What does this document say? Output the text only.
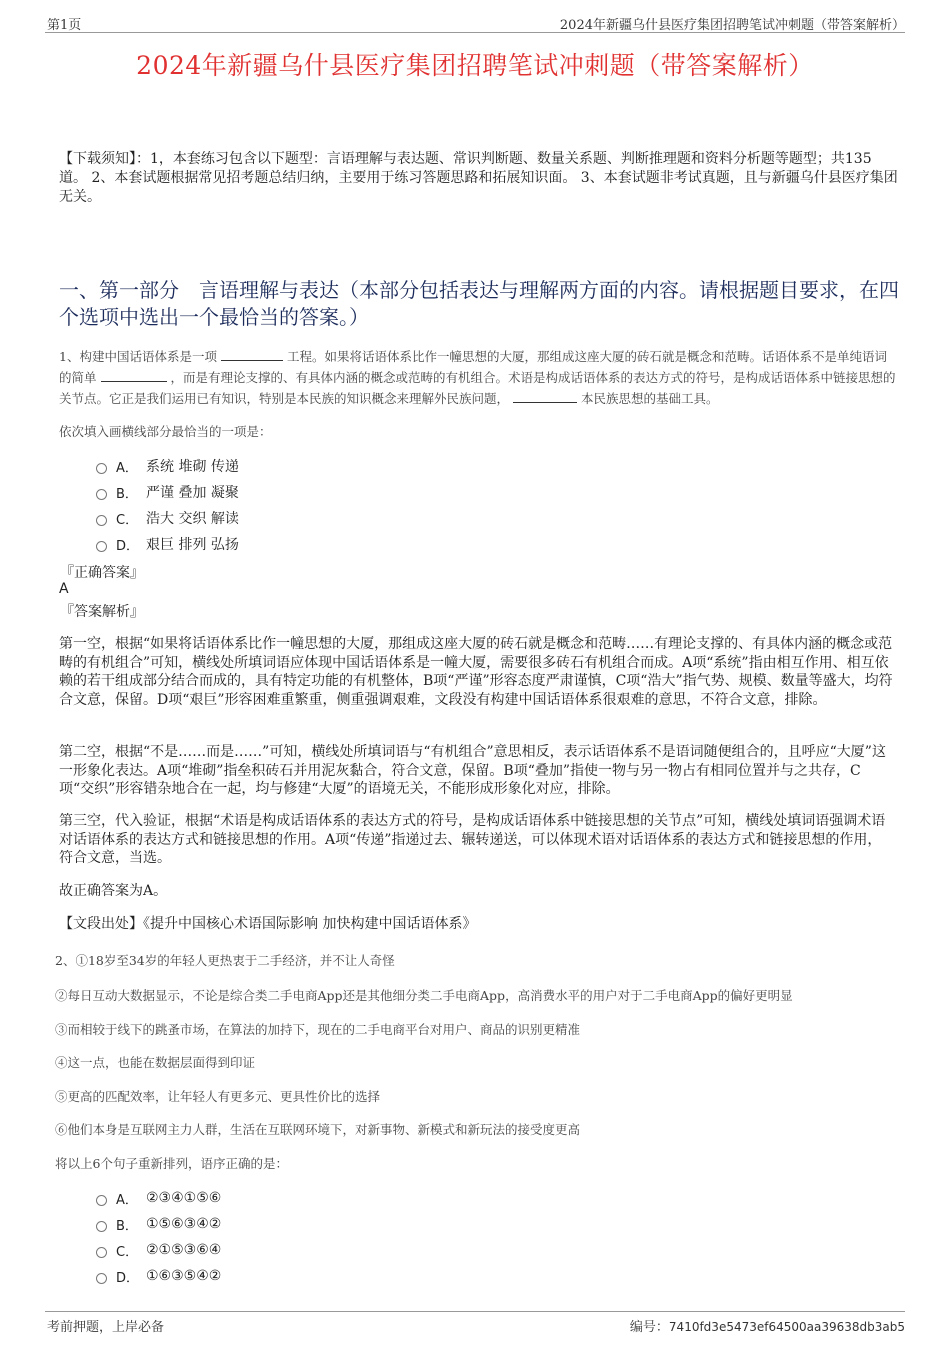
第1页	2024年新疆乌什县医疗集团招聘笔试冲刺题（带答案解析）
2024年新疆乌什县医疗集团招聘笔试冲刺题（带答案解析）
【下载须知】：1，本套练习包含以下题型：言语理解与表达题、常识判断题、数量关系题、判断推理题和资料分析题等题型；共135道。 2、本套试题根据常见招考题总结归纳，主要用于练习答题思路和拓展知识面。 3、本套试题非考试真题，且与新疆乌什县医疗集团无关。
一、第一部分　言语理解与表达（本部分包括表达与理解两方面的内容。请根据题目要求，在四个选项中选出一个最恰当的答案。）
1、构建中国话语体系是一项	工程。如果将话语体系比作一幢思想的大厦，那组成这座大厦的砖石就是概念和范畴。话语体系不是单纯语词的简单	，而是有理论支撑的、有具体内涵的概念或范畴的有机组合。术语是构成话语体系的表达方式的符号，是构成话语体系中链接思想的关节点。它正是我们运用已有知识，特别是本民族的知识概念来理解外民族问题，	本民族思想的基础工具。
依次填入画横线部分最恰当的一项是：
A． 系统 堆砌 传递
B． 严谨 叠加 凝聚
C． 浩大 交织 解读
D． 艰巨 排列 弘扬
『正确答案』
A
『答案解析』
第一空，根据“如果将话语体系比作一幢思想的大厦，那组成这座大厦的砖石就是概念和范畴……有理论支撑的、有具体内涵的概念或范畴的有机组合”可知，横线处所填词语应体现中国话语体系是一幢大厦，需要很多砖石有机组合而成。A项“系统”指由相互作用、相互依赖的若干组成部分结合而成的，具有特定功能的有机整体，B项“严谨”形容态度严肃谨慎，C项“浩大”指气势、规模、数量等盛大，均符合文意，保留。D项“艰巨”形容困难重繁重，侧重强调艰难，文段没有构建中国话语体系很艰难的意思，不符合文意，排除。
第二空，根据“不是……而是……”可知，横线处所填词语与“有机组合”意思相反，表示话语体系不是语词随便组合的，且呼应“大厦”这一形象化表达。A项“堆砌”指垒积砖石并用泥灰黏合，符合文意，保留。B项“叠加”指使一物与另一物占有相同位置并与之共存，C项“交织”形容错杂地合在一起，均与修建“大厦”的语境无关，不能形成形象化对应，排除。
第三空，代入验证，根据“术语是构成话语体系的表达方式的符号，是构成话语体系中链接思想的关节点”可知，横线处填词语强调术语对话语体系的表达方式和链接思想的作用。A项“传递”指递过去、辗转递送，可以体现术语对话语体系的表达方式和链接思想的作用，符合文意，当选。
故正确答案为A。
【文段出处】《提升中国核心术语国际影响 加快构建中国话语体系》
2、①18岁至34岁的年轻人更热衷于二手经济，并不让人奇怪
②每日互动大数据显示，不论是综合类二手电商App还是其他细分类二手电商App，高消费水平的用户对于二手电商App的偏好更明显
③而相较于线下的跳蚤市场，在算法的加持下，现在的二手电商平台对用户、商品的识别更精准
④这一点，也能在数据层面得到印证
⑤更高的匹配效率，让年轻人有更多元、更具性价比的选择
⑥他们本身是互联网主力人群，生活在互联网环境下，对新事物、新模式和新玩法的接受度更高
将以上6个句子重新排列，语序正确的是：
A． ②③④①⑤⑥
B． ①⑤⑥③④②
C． ②①⑤③⑥④
D． ①⑥③⑤④②
考前押题，上岸必备	编号：7410fd3e5473ef64500aa39638db3ab5
